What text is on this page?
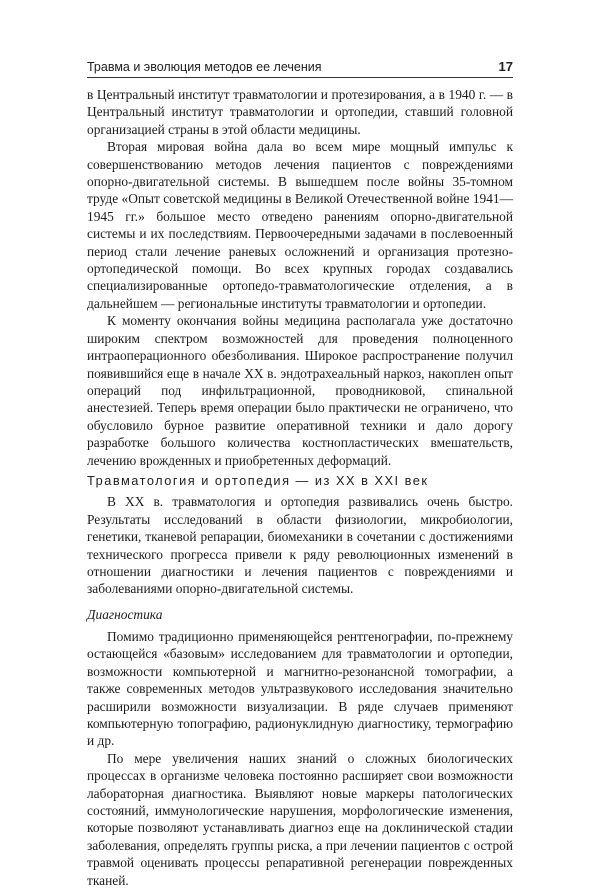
Травма и эволюция методов ее лечения	17

в Центральный институт травматологии и протезирования, а в 1940 г. — в Центральный институт травматологии и ортопедии, ставший головной организацией страны в этой области медицины.

Вторая мировая война дала во всем мире мощный импульс к совершенствованию методов лечения пациентов с повреждениями опорно-двигательной системы. В вышедшем после войны 35-томном труде «Опыт советской медицины в Великой Отечественной войне 1941—1945 гг.» большое место отведено ранениям опорно-двигательной системы и их последствиям. Первоочередными задачами в послевоенный период стали лечение раневых осложнений и организация протезно-ортопедической помощи. Во всех крупных городах создавались специализированные ортопедо-травматологические отделения, а в дальнейшем — региональные институты травматологии и ортопедии.

К моменту окончания войны медицина располагала уже достаточно широким спектром возможностей для проведения полноценного интраоперационного обезболивания. Широкое распространение получил появившийся еще в начале XX в. эндотрахеальный наркоз, накоплен опыт операций под инфильтрационной, проводниковой, спинальной анестезией. Теперь время операции было практически не ограничено, что обусловило бурное развитие оперативной техники и дало дорогу разработке большого количества костнопластических вмешательств, лечению врожденных и приобретенных деформаций.

Травматология и ортопедия — из XX в XXI век

В XX в. травматология и ортопедия развивались очень быстро. Результаты исследований в области физиологии, микробиологии, генетики, тканевой репарации, биомеханики в сочетании с достижениями технического прогресса привели к ряду революционных изменений в отношении диагностики и лечения пациентов с повреждениями и заболеваниями опорно-двигательной системы.

Диагностика

Помимо традиционно применяющейся рентгенографии, по-прежнему остающейся «базовым» исследованием для травматологии и ортопедии, возможности компьютерной и магнитно-резонансной томографии, а также современных методов ультразвукового исследования значительно расширили возможности визуализации. В ряде случаев применяют компьютерную топографию, радионуклидную диагностику, термографию и др.

По мере увеличения наших знаний о сложных биологических процессах в организме человека постоянно расширяет свои возможности лабораторная диагностика. Выявляют новые маркеры патологических состояний, иммунологические нарушения, морфологические изменения, которые позволяют устанавливать диагноз еще на доклинической стадии заболевания, определять группы риска, а при лечении пациентов с острой травмой оценивать процессы репаративной регенерации поврежденных тканей.
